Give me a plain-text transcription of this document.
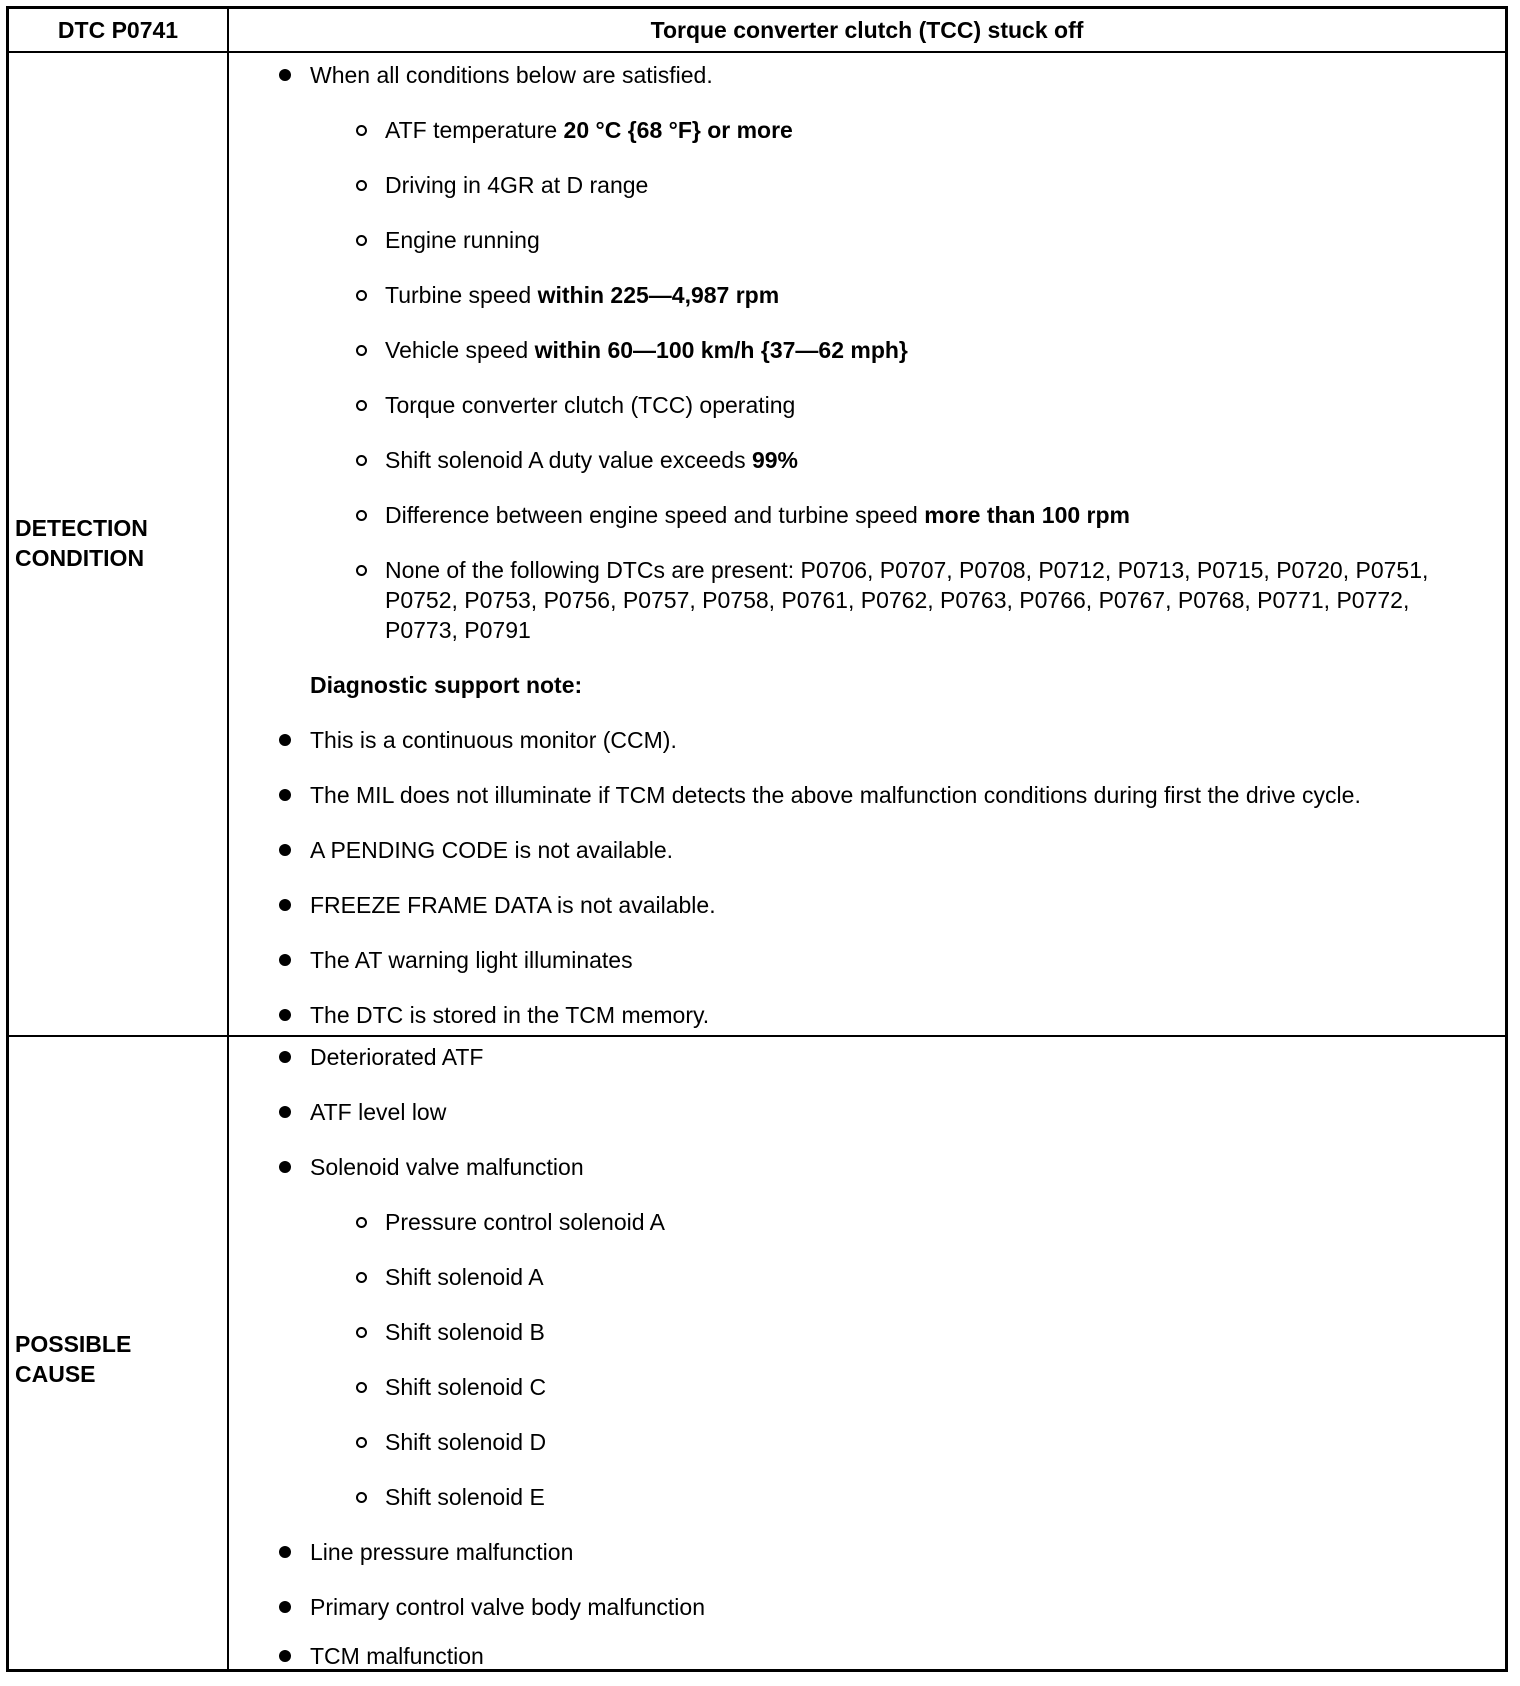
DTC P0741	Torque converter clutch (TCC) stuck off
DETECTION
CONDITION
When all conditions below are satisfied.
ATF temperature 20 °C {68 °F} or more
Driving in 4GR at D range
Engine running
Turbine speed within 225—4,987 rpm
Vehicle speed within 60—100 km/h {37—62 mph}
Torque converter clutch (TCC) operating
Shift solenoid A duty value exceeds 99%
Difference between engine speed and turbine speed more than 100 rpm
None of the following DTCs are present: P0706, P0707, P0708, P0712, P0713, P0715, P0720, P0751, P0752, P0753, P0756, P0757, P0758, P0761, P0762, P0763, P0766, P0767, P0768, P0771, P0772, P0773, P0791
Diagnostic support note:
This is a continuous monitor (CCM).
The MIL does not illuminate if TCM detects the above malfunction conditions during first the drive cycle.
A PENDING CODE is not available.
FREEZE FRAME DATA is not available.
The AT warning light illuminates
The DTC is stored in the TCM memory.
POSSIBLE
CAUSE
Deteriorated ATF
ATF level low
Solenoid valve malfunction
Pressure control solenoid A
Shift solenoid A
Shift solenoid B
Shift solenoid C
Shift solenoid D
Shift solenoid E
Line pressure malfunction
Primary control valve body malfunction
TCM malfunction
